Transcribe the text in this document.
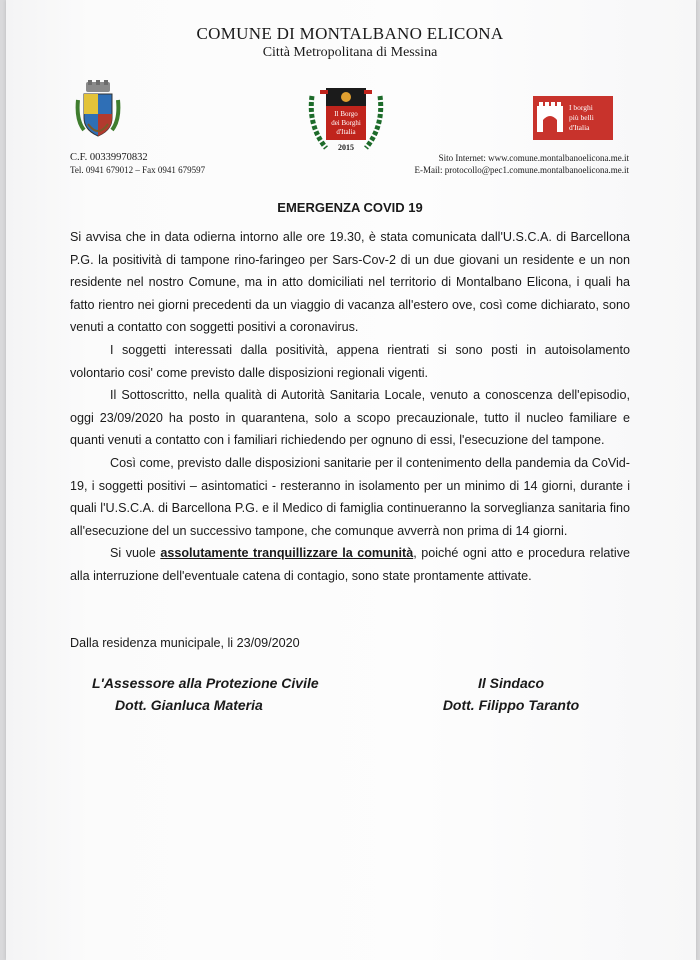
COMUNE DI MONTALBANO ELICONA
Città Metropolitana di Messina
Il Borgo
dei Borghi
d'Italia
2015
I borghi
più belli
d'Italia
C.F. 00339970832
Tel. 0941 679012 – Fax 0941 679597
Sito Internet: www.comune.montalbanoelicona.me.it
E-Mail: protocollo@pec1.comune.montalbanoelicona.me.it
EMERGENZA COVID 19

Si avvisa che in data odierna intorno alle ore 19.30, è stata comunicata dall'U.S.C.A. di Barcellona P.G. la positività di tampone rino-faringeo per Sars-Cov-2 di un due giovani un residente e un non residente nel nostro Comune, ma in atto domiciliati nel territorio di Montalbano Elicona, i quali ha fatto rientro nei giorni precedenti da un viaggio di vacanza all'estero ove, così come dichiarato, sono venuti a contatto con soggetti positivi a coronavirus.

I soggetti interessati dalla positività, appena rientrati si sono posti in autoisolamento volontario cosi' come previsto dalle disposizioni regionali vigenti.

Il Sottoscritto, nella qualità di Autorità Sanitaria Locale, venuto a conoscenza dell'episodio, oggi 23/09/2020 ha posto in quarantena, solo a scopo precauzionale, tutto il nucleo familiare e quanti venuti a contatto con i familiari richiedendo per ognuno di essi, l'esecuzione del tampone.

Così come, previsto dalle disposizioni sanitarie per il contenimento della pandemia da CoVid-19, i soggetti positivi – asintomatici - resteranno in isolamento per un minimo di 14 giorni, durante i quali l'U.S.C.A. di Barcellona P.G. e il Medico di famiglia continueranno la sorveglianza sanitaria fino all'esecuzione del un successivo tampone, che comunque avverrà non prima di 14 giorni.

Si vuole assolutamente tranquillizzare la comunità, poiché ogni atto e procedura relative alla interruzione dell'eventuale catena di contagio, sono state prontamente attivate.

Dalla residenza municipale, li 23/09/2020
L'Assessore alla Protezione Civile
Dott. Gianluca Materia
Il Sindaco
Dott. Filippo Taranto
